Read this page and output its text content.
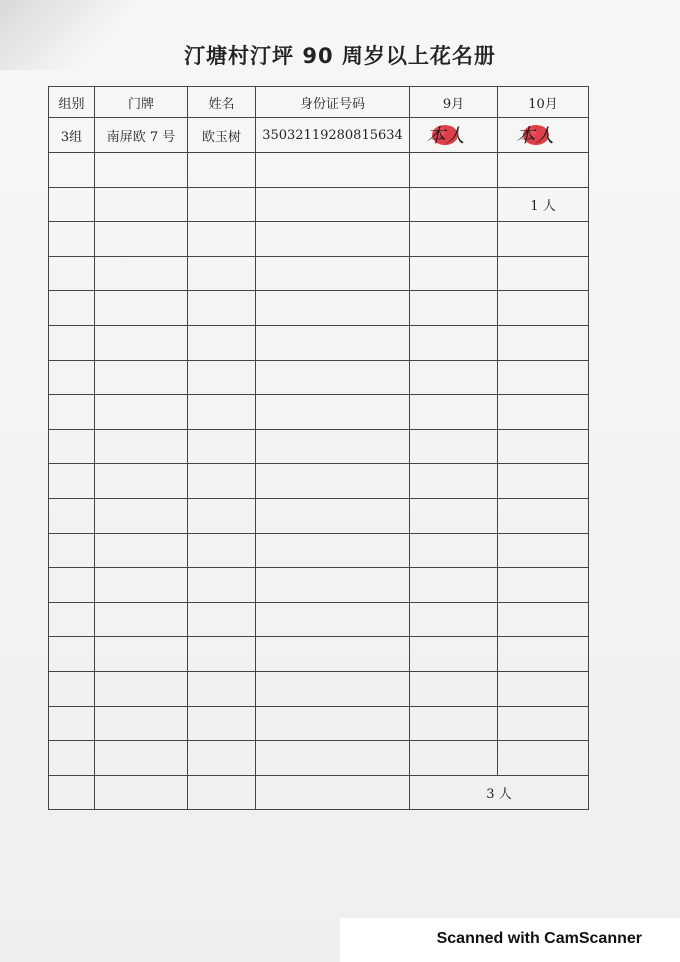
汀塘村汀坪 90 周岁以上花名册
组别	门牌	姓名	身份证号码	9月	10月
3组	南屏欧 7 号	欧玉树	35032119280815634	本人	本人

					1 人

				3 人	
Scanned with CamScanner
